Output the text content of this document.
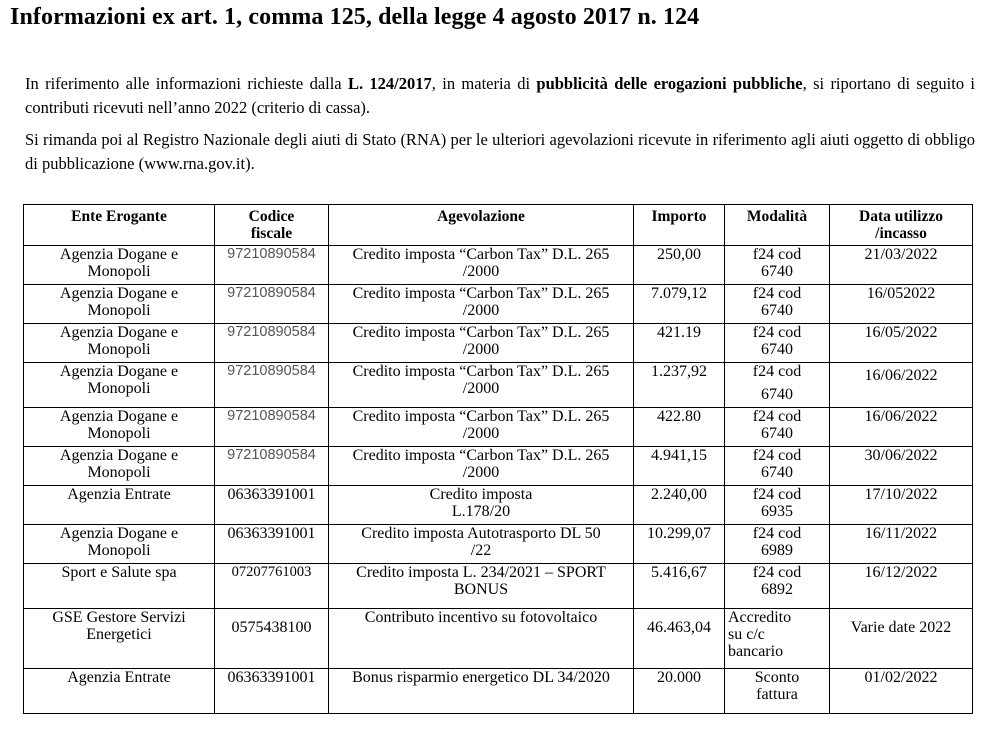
Informazioni ex art. 1, comma 125, della legge 4 agosto 2017 n. 124
In riferimento alle informazioni richieste dalla L. 124/2017, in materia di pubblicità delle erogazioni pubbliche, si riportano di seguito i contributi ricevuti nell’anno 2022 (criterio di cassa).
Si rimanda poi al Registro Nazionale degli aiuti di Stato (RNA) per le ulteriori agevolazioni ricevute in riferimento agli aiuti oggetto di obbligo di pubblicazione (www.rna.gov.it).
Ente Erogante	Codice
fiscale	Agevolazione	Importo	Modalità	Data utilizzo
/incasso

Agenzia Dogane e
Monopoli	97210890584	Credito imposta “Carbon Tax” D.L. 265
/2000	250,00	f24 cod
6740	21/03/2022

Agenzia Dogane e
Monopoli	97210890584	Credito imposta “Carbon Tax” D.L. 265
/2000	7.079,12	f24 cod
6740	16/052022

Agenzia Dogane e
Monopoli	97210890584	Credito imposta “Carbon Tax” D.L. 265
/2000	421.19	f24 cod
6740	16/05/2022

Agenzia Dogane e
Monopoli	97210890584	Credito imposta “Carbon Tax” D.L. 265
/2000	1.237,92	f24 cod
6740	16/06/2022

Agenzia Dogane e
Monopoli	97210890584	Credito imposta “Carbon Tax” D.L. 265
/2000	422.80	f24 cod
6740	16/06/2022

Agenzia Dogane e
Monopoli	97210890584	Credito imposta “Carbon Tax” D.L. 265
/2000	4.941,15	f24 cod
6740	30/06/2022

Agenzia Entrate	06363391001	Credito imposta
L.178/20	2.240,00	f24 cod
6935	17/10/2022

Agenzia Dogane e
Monopoli	06363391001	Credito imposta Autotrasporto DL 50
/22	10.299,07	f24 cod
6989	16/11/2022

Sport e Salute spa	07207761003	Credito imposta L. 234/2021 – SPORT
BONUS	5.416,67	f24 cod
6892	16/12/2022

GSE Gestore Servizi
Energetici	0575438100	Contributo incentivo su fotovoltaico	46.463,04	Accredito
su c/c
bancario	Varie date 2022

Agenzia Entrate	06363391001	Bonus risparmio energetico DL 34/2020	20.000	Sconto
fattura	01/02/2022
